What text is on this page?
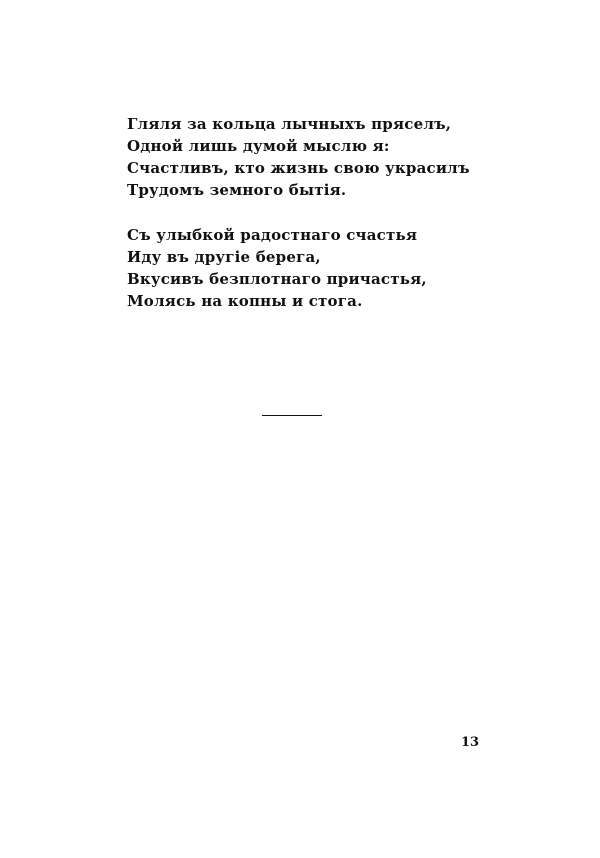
Гляля за кольца лычныхъ пряселъ,
Одной лишь думой мыслю я:
Счастливъ, кто жизнь свою украсилъ
Трудомъ земного бытiя.
Съ улыбкой радостнаго счастья
Иду въ другiе берега,
Вкусивъ безплотнаго причастья,
Молясь на копны и стога.
13
